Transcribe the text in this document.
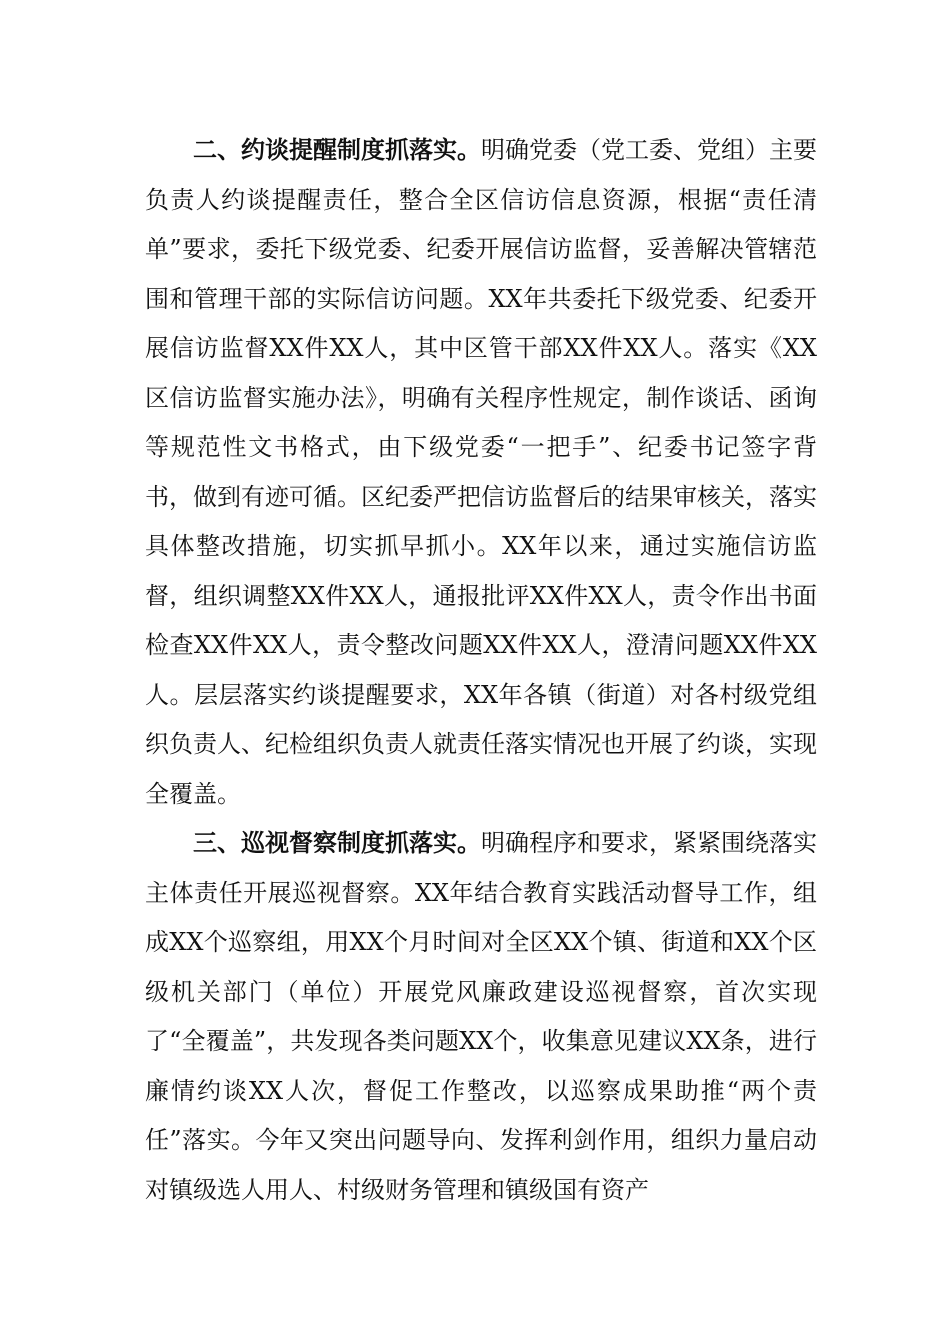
二、约谈提醒制度抓落实。明确党委（党工委、党组）主要负责人约谈提醒责任，整合全区信访信息资源，根据“责任清单”要求，委托下级党委、纪委开展信访监督，妥善解决管辖范围和管理干部的实际信访问题。XX年共委托下级党委、纪委开展信访监督XX件XX人，其中区管干部XX件XX人。落实《XX区信访监督实施办法》，明确有关程序性规定，制作谈话、函询等规范性文书格式，由下级党委“一把手”、纪委书记签字背书，做到有迹可循。区纪委严把信访监督后的结果审核关，落实具体整改措施，切实抓早抓小。XX年以来，通过实施信访监督，组织调整XX件XX人，通报批评XX件XX人，责令作出书面检查XX件XX人，责令整改问题XX件XX人，澄清问题XX件XX人。层层落实约谈提醒要求，XX年各镇（街道）对各村级党组织负责人、纪检组织负责人就责任落实情况也开展了约谈，实现全覆盖。

三、巡视督察制度抓落实。明确程序和要求，紧紧围绕落实主体责任开展巡视督察。XX年结合教育实践活动督导工作，组成XX个巡察组，用XX个月时间对全区XX个镇、街道和XX个区级机关部门（单位）开展党风廉政建设巡视督察，首次实现了“全覆盖”，共发现各类问题XX个，收集意见建议XX条，进行廉情约谈XX人次，督促工作整改，以巡察成果助推“两个责任”落实。今年又突出问题导向、发挥利剑作用，组织力量启动对镇级选人用人、村级财务管理和镇级国有资产
